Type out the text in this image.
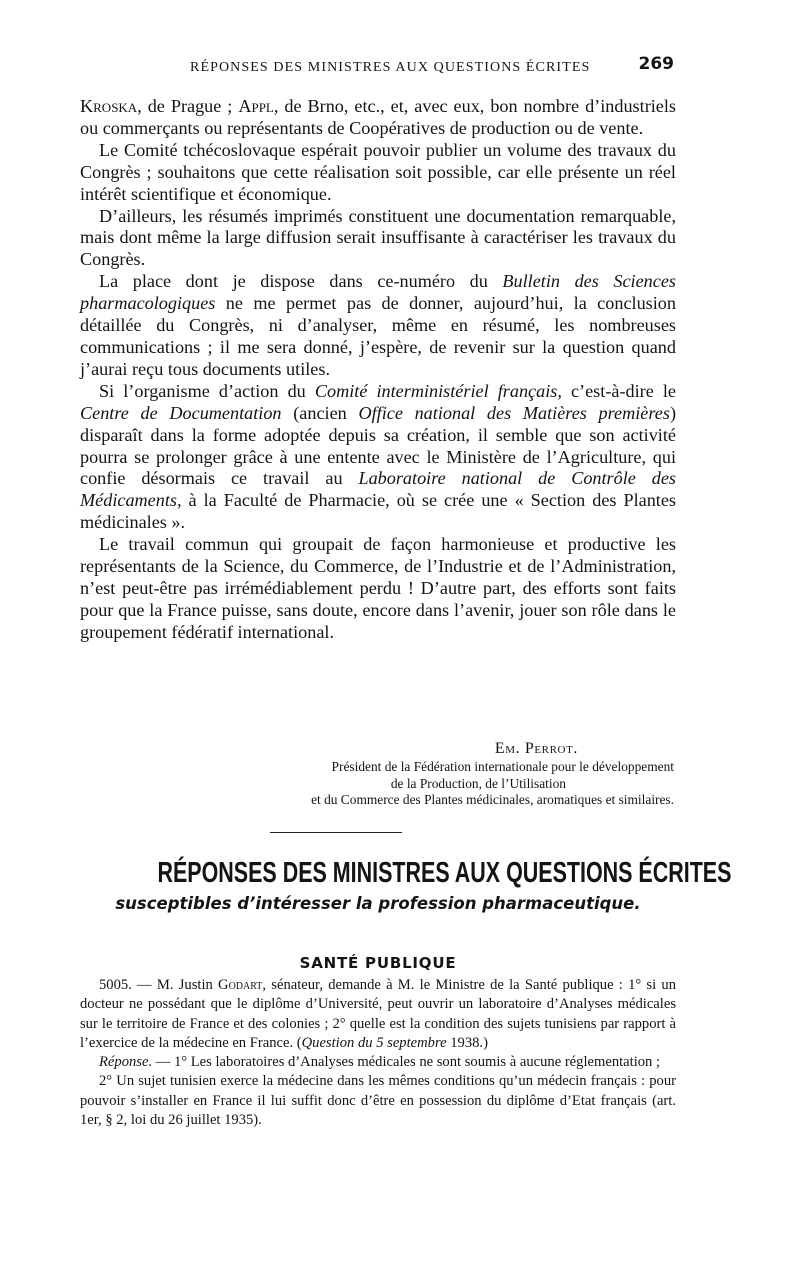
RÉPONSES DES MINISTRES AUX QUESTIONS ÉCRITES	269

Kroska, de Prague ; Appl, de Brno, etc., et, avec eux, bon nombre d’industriels ou commerçants ou représentants de Coopératives de production ou de vente.

Le Comité tchécoslovaque espérait pouvoir publier un volume des travaux du Congrès ; souhaitons que cette réalisation soit possible, car elle présente un réel intérêt scientifique et économique.

D’ailleurs, les résumés imprimés constituent une documentation remarquable, mais dont même la large diffusion serait insuffisante à caractériser les travaux du Congrès.

La place dont je dispose dans ce-numéro du Bulletin des Sciences pharmacologiques ne me permet pas de donner, aujourd’hui, la conclusion détaillée du Congrès, ni d’analyser, même en résumé, les nombreuses communications ; il me sera donné, j’espère, de revenir sur la question quand j’aurai reçu tous documents utiles.

Si l’organisme d’action du Comité interministériel français, c’est-à-dire le Centre de Documentation (ancien Office national des Matières premières) disparaît dans la forme adoptée depuis sa création, il semble que son activité pourra se prolonger grâce à une entente avec le Ministère de l’Agriculture, qui confie désormais ce travail au Laboratoire national de Contrôle des Médicaments, à la Faculté de Pharmacie, où se crée une « Section des Plantes médicinales ».

Le travail commun qui groupait de façon harmonieuse et productive les représentants de la Science, du Commerce, de l’Industrie et de l’Administration, n’est peut-être pas irrémédiablement perdu ! D’autre part, des efforts sont faits pour que la France puisse, sans doute, encore dans l’avenir, jouer son rôle dans le groupement fédératif international.

Em. Perrot.
Président de la Fédération internationale pour le développement
de la Production, de l’Utilisation
et du Commerce des Plantes médicinales, aromatiques et similaires.
RÉPONSES DES MINISTRES AUX QUESTIONS ÉCRITES
susceptibles d’intéresser la profession pharmaceutique.
SANTÉ PUBLIQUE

5005. — M. Justin Godart, sénateur, demande à M. le Ministre de la Santé publique : 1° si un docteur ne possédant que le diplôme d’Université, peut ouvrir un laboratoire d’Analyses médicales sur le territoire de France et des colonies ; 2° quelle est la condition des sujets tunisiens par rapport à l’exercice de la médecine en France. (Question du 5 septembre 1938.)

Réponse. — 1° Les laboratoires d’Analyses médicales ne sont soumis à aucune réglementation ;

2° Un sujet tunisien exerce la médecine dans les mêmes conditions qu’un médecin français : pour pouvoir s’installer en France il lui suffit donc d’être en possession du diplôme d’Etat français (art. 1er, § 2, loi du 26 juillet 1935).
